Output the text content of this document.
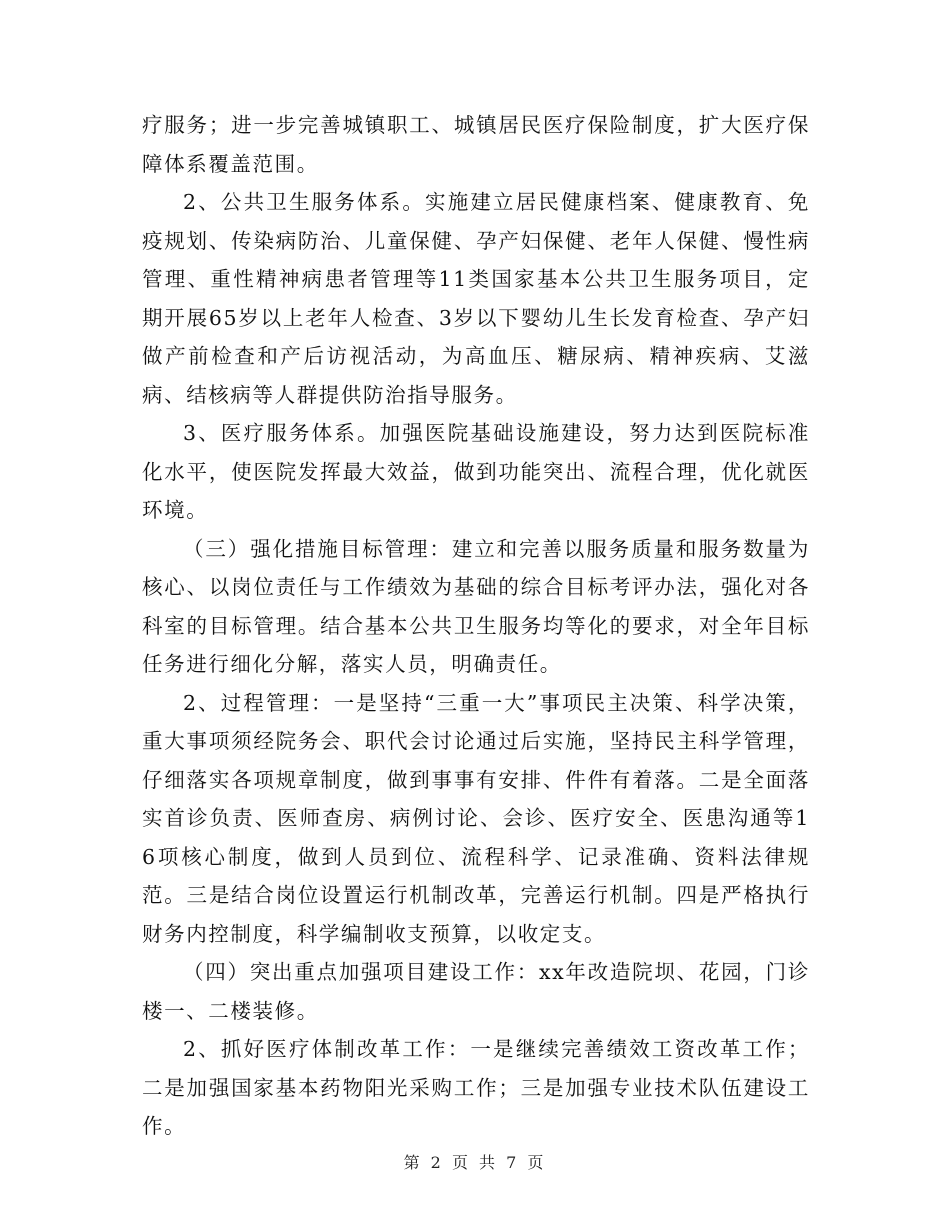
疗服务；进一步完善城镇职工、城镇居民医疗保险制度，扩大医疗保障体系覆盖范围。

2、公共卫生服务体系。实施建立居民健康档案、健康教育、免疫规划、传染病防治、儿童保健、孕产妇保健、老年人保健、慢性病管理、重性精神病患者管理等11类国家基本公共卫生服务项目，定期开展65岁以上老年人检查、3岁以下婴幼儿生长发育检查、孕产妇做产前检查和产后访视活动，为高血压、糖尿病、精神疾病、艾滋病、结核病等人群提供防治指导服务。

3、医疗服务体系。加强医院基础设施建设，努力达到医院标准化水平，使医院发挥最大效益，做到功能突出、流程合理，优化就医环境。

（三）强化措施目标管理：建立和完善以服务质量和服务数量为核心、以岗位责任与工作绩效为基础的综合目标考评办法，强化对各科室的目标管理。结合基本公共卫生服务均等化的要求，对全年目标任务进行细化分解，落实人员，明确责任。

2、过程管理：一是坚持“三重一大”事项民主决策、科学决策，重大事项须经院务会、职代会讨论通过后实施，坚持民主科学管理，仔细落实各项规章制度，做到事事有安排、件件有着落。二是全面落实首诊负责、医师查房、病例讨论、会诊、医疗安全、医患沟通等16项核心制度，做到人员到位、流程科学、记录准确、资料法律规范。三是结合岗位设置运行机制改革，完善运行机制。四是严格执行财务内控制度，科学编制收支预算，以收定支。

（四）突出重点加强项目建设工作：xx年改造院坝、花园，门诊楼一、二楼装修。

2、抓好医疗体制改革工作：一是继续完善绩效工资改革工作；二是加强国家基本药物阳光采购工作；三是加强专业技术队伍建设工作。

第 2 页 共 7 页
